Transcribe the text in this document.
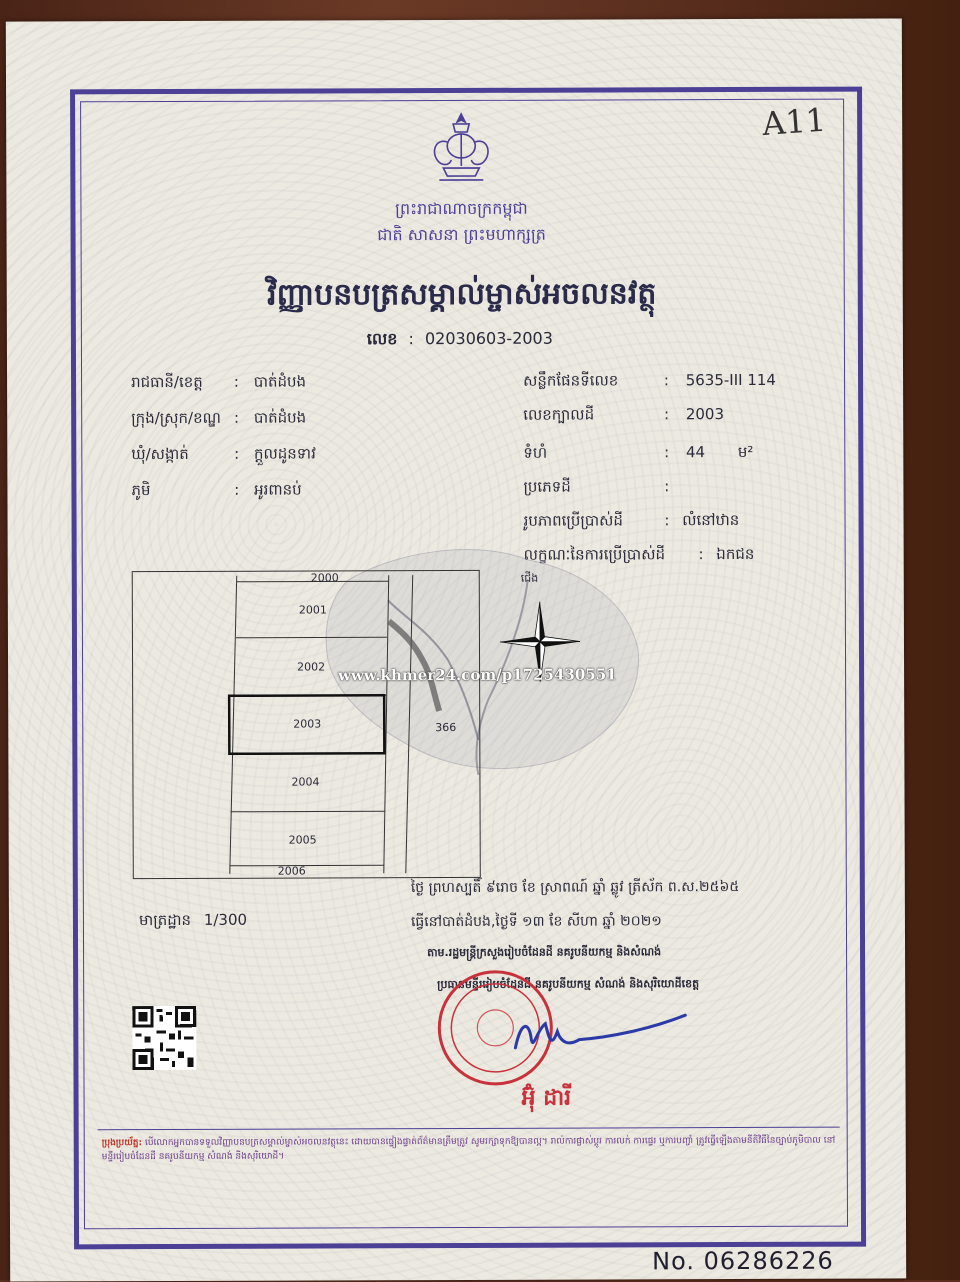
A11
ព្រះរាជាណាចក្រកម្ពុជា
ជាតិ សាសនា ព្រះមហាក្សត្រ
វិញ្ញាបនបត្រសម្គាល់ម្ចាស់អចលនវត្ថុ
លេខ : 02030603-2003
រាជធានី/ខេត្ត : បាត់ដំបង
ក្រុង/ស្រុក/ខណ្ឌ : បាត់ដំបង
ឃុំ/សង្កាត់	: ក្ដួលដូនទាវ
ភូមិ	: អូរពានប់
សន្លឹកផែនទីលេខ	: 5635-III 114
លេខក្បាលដី	: 2003
ទំហំ	: 44 ម²
ប្រភេទដី	:
រូបភាពប្រើប្រាស់ដី	: លំនៅឋាន
លក្ខណៈនៃការប្រើប្រាស់ដី : ឯកជន
2000
2001
2002
2003
2004
2005
2006
366
ជើង
www.khmer24.com/p1725430551
ថ្ងៃ ព្រហស្បតិ៍ ៩រោច ខែ ស្រាពណ៍ ឆ្នាំ ឆ្លូវ ត្រីស័ក ព.ស.២៥៦៥
ធ្វើនៅបាត់ដំបង,ថ្ងៃទី ១៣ ខែ សីហា ឆ្នាំ ២០២១
មាត្រដ្ឋាន 1/300
តាម.រដ្ឋមន្ត្រីក្រសួងរៀបចំដែនដី នគរូបនីយកម្ម និងសំណង់
ប្រធានមន្ទីររៀបចំដែនដី នគរូបនីយកម្ម សំណង់ និងសុរិយោដីខេត្ត
អ៊ុំ ដារី
ប្រុងប្រយ័ត្ន: បើលោកអ្នកបានទទួលវិញ្ញាបនបត្រសម្គាល់ម្ចាស់អចលនវត្ថុនេះ ដោយបានផ្ទៀងផ្ទាត់ព័ត៌មានត្រឹមត្រូវ សូមរក្សាទុកឱ្យបានល្អ។ រាល់ការផ្លាស់ប្ដូរ ការលក់ ការផ្ទេរ ឬការបញ្ចាំ ត្រូវធ្វើឡើងតាមនីតិវិធីនៃច្បាប់ភូមិបាល នៅមន្ទីររៀបចំដែនដី នគរូបនីយកម្ម សំណង់ និងសុរិយោដី។
No. 06286226
